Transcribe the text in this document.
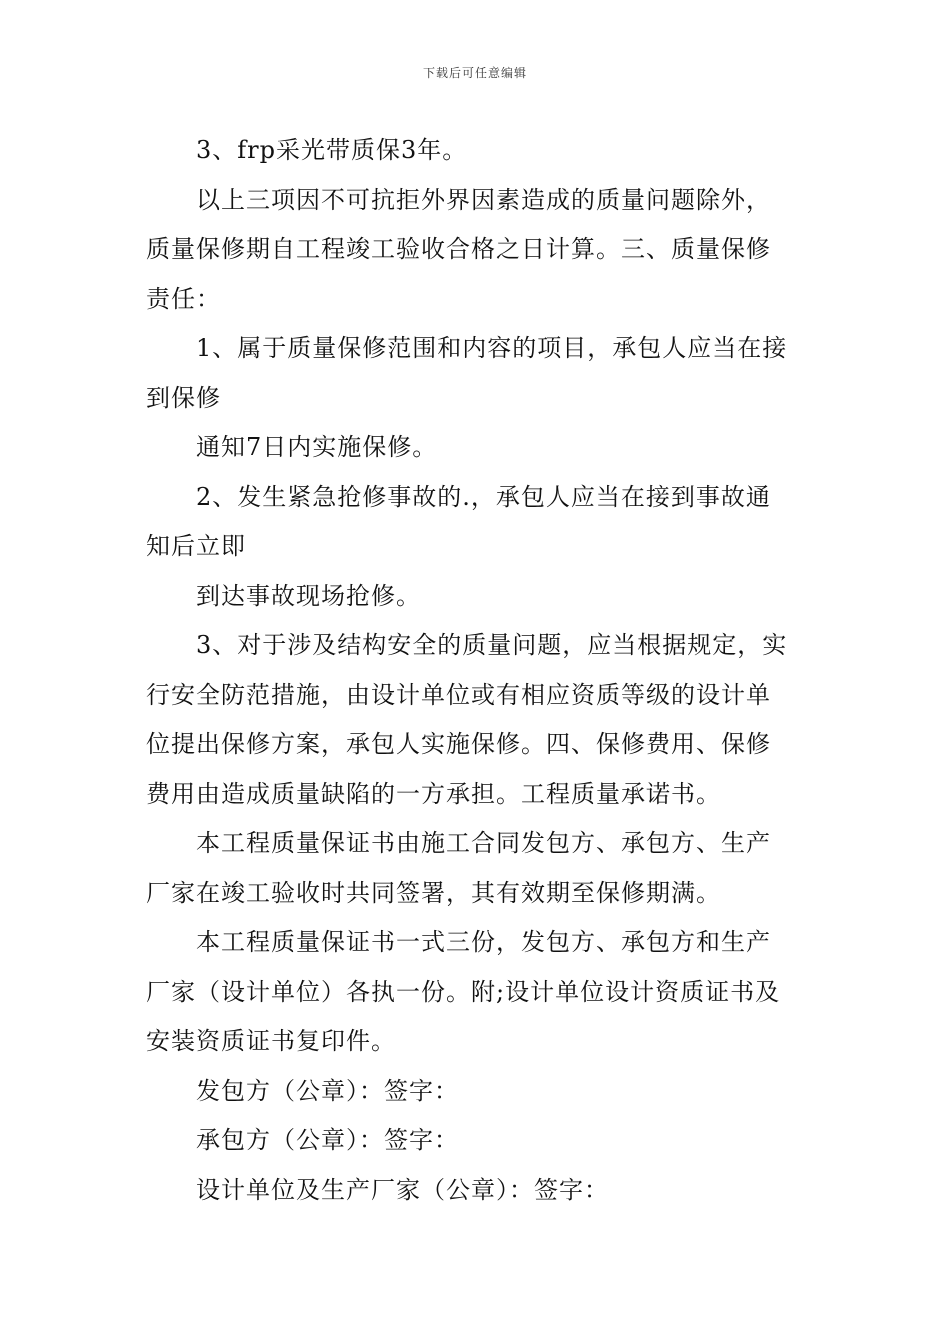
下载后可任意编辑
3、frp采光带质保3年。
以上三项因不可抗拒外界因素造成的质量问题除外，
质量保修期自工程竣工验收合格之日计算。三、质量保修
责任：
1、属于质量保修范围和内容的项目，承包人应当在接
到保修
通知7日内实施保修。
2、发生紧急抢修事故的.，承包人应当在接到事故通
知后立即
到达事故现场抢修。
3、对于涉及结构安全的质量问题，应当根据规定，实
行安全防范措施，由设计单位或有相应资质等级的设计单
位提出保修方案，承包人实施保修。四、保修费用、保修
费用由造成质量缺陷的一方承担。工程质量承诺书。
本工程质量保证书由施工合同发包方、承包方、生产
厂家在竣工验收时共同签署，其有效期至保修期满。
本工程质量保证书一式三份，发包方、承包方和生产
厂家（设计单位）各执一份。附;设计单位设计资质证书及
安装资质证书复印件。
发包方（公章）：签字：
承包方（公章）：签字：
设计单位及生产厂家（公章）：签字：
